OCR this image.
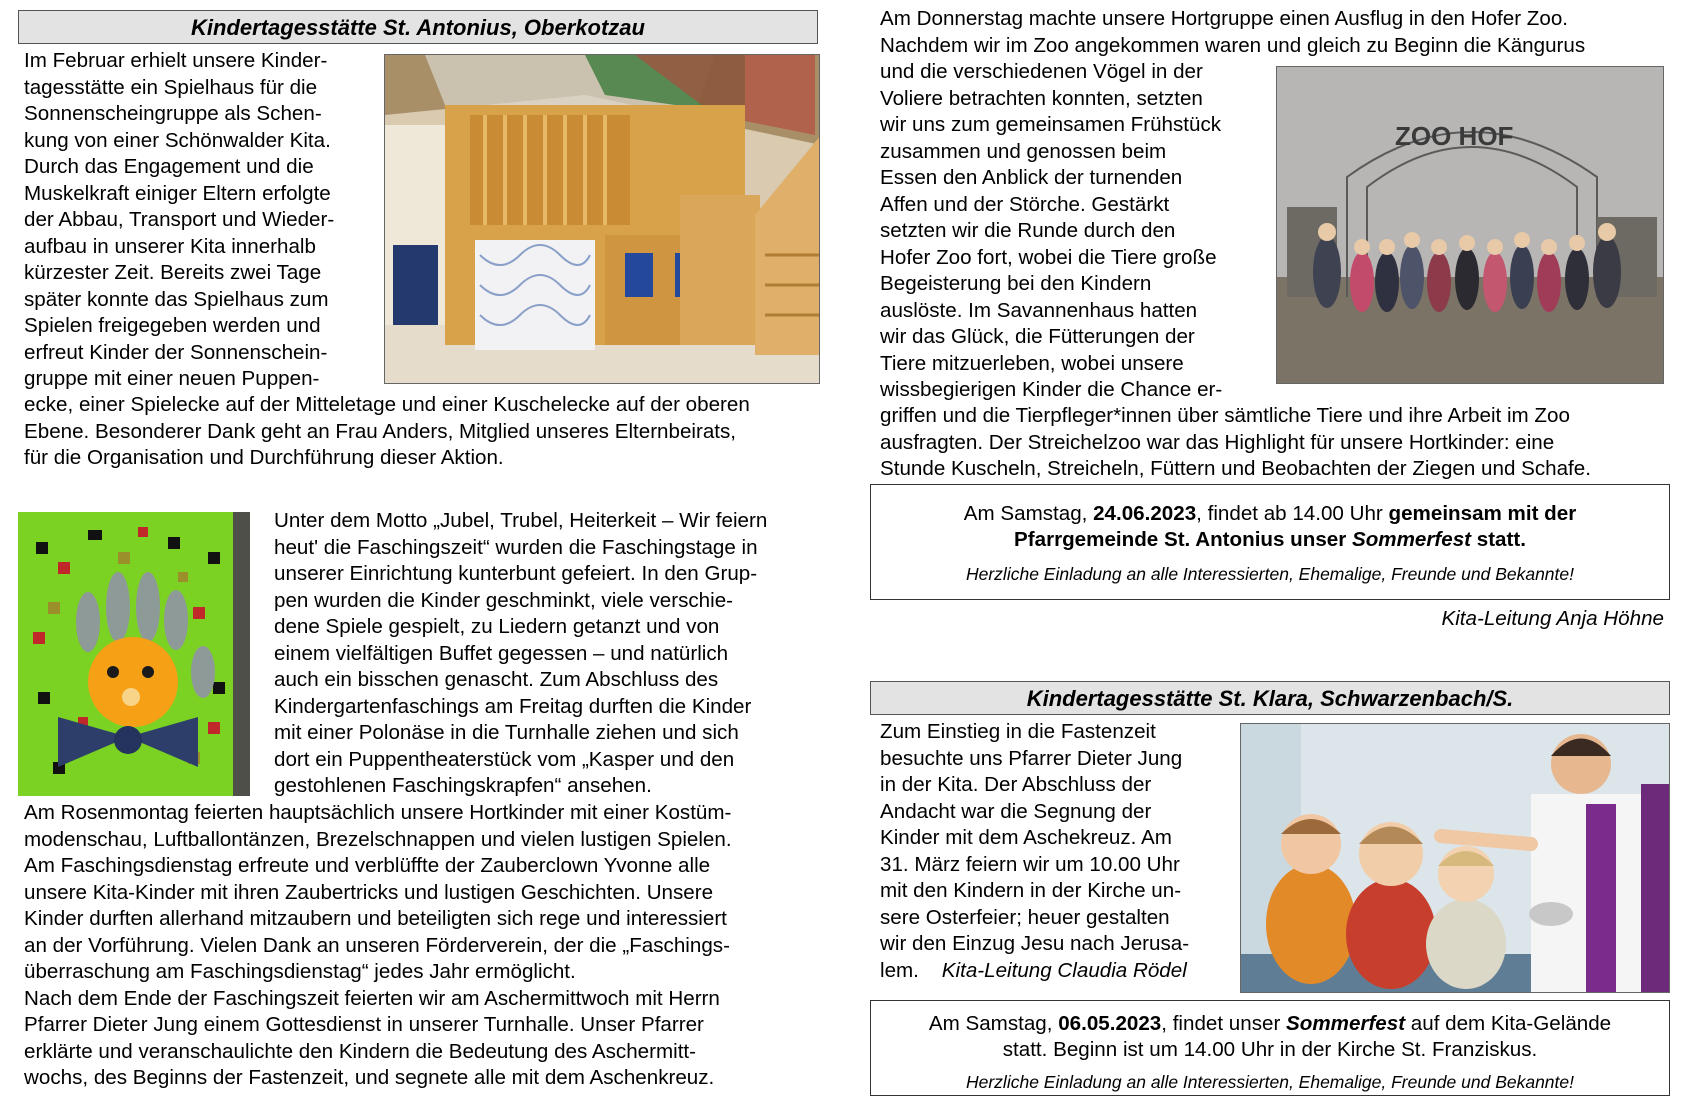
Kindertagesstätte St. Antonius, Oberkotzau

Im Februar erhielt unsere Kinder-

tagesstätte ein Spielhaus für die

Sonnenscheingruppe als Schen-

kung von einer Schönwalder Kita.

Durch das Engagement und die

Muskelkraft einiger Eltern erfolgte

der Abbau, Transport und Wieder-

aufbau in unserer Kita innerhalb

kürzester Zeit. Bereits zwei Tage

später konnte das Spielhaus zum

Spielen freigegeben werden und

erfreut Kinder der Sonnenschein-

gruppe mit einer neuen Puppen-

ecke, einer Spielecke auf der Mitteletage und einer Kuschelecke auf der oberen

Ebene. Besonderer Dank geht an Frau Anders, Mitglied unseres Elternbeirats,

für die Organisation und Durchführung dieser Aktion.

Unter dem Motto „Jubel, Trubel, Heiterkeit – Wir feiern

heut' die Faschingszeit“ wurden die Faschingstage in

unserer Einrichtung kunterbunt gefeiert. In den Grup-

pen wurden die Kinder geschminkt, viele verschie-

dene Spiele gespielt, zu Liedern getanzt und von

einem vielfältigen Buffet gegessen – und natürlich

auch ein bisschen genascht. Zum Abschluss des

Kindergartenfaschings am Freitag durften die Kinder

mit einer Polonäse in die Turnhalle ziehen und sich

dort ein Puppentheaterstück vom „Kasper und den

gestohlenen Faschingskrapfen“ ansehen.

Am Rosenmontag feierten hauptsächlich unsere Hortkinder mit einer Kostüm-

modenschau, Luftballontänzen, Brezelschnappen und vielen lustigen Spielen.

Am Faschingsdienstag erfreute und verblüffte der Zauberclown Yvonne alle

unsere Kita-Kinder mit ihren Zaubertricks und lustigen Geschichten. Unsere

Kinder durften allerhand mitzaubern und beteiligten sich rege und interessiert

an der Vorführung. Vielen Dank an unseren Förderverein, der die „Faschings-

überraschung am Faschingsdienstag“ jedes Jahr ermöglicht.

Nach dem Ende der Faschingszeit feierten wir am Aschermittwoch mit Herrn

Pfarrer Dieter Jung einem Gottesdienst in unserer Turnhalle. Unser Pfarrer

erklärte und veranschaulichte den Kindern die Bedeutung des Aschermitt-

wochs, des Beginns der Fastenzeit, und segnete alle mit dem Aschenkreuz.

Am Donnerstag machte unsere Hortgruppe einen Ausflug in den Hofer Zoo.

Nachdem wir im Zoo angekommen waren und gleich zu Beginn die Kängurus

ZOO HOF

und die verschiedenen Vögel in der

Voliere betrachten konnten, setzten

wir uns zum gemeinsamen Frühstück

zusammen und genossen beim

Essen den Anblick der turnenden

Affen und der Störche. Gestärkt

setzten wir die Runde durch den

Hofer Zoo fort, wobei die Tiere große

Begeisterung bei den Kindern

auslöste. Im Savannenhaus hatten

wir das Glück, die Fütterungen der

Tiere mitzuerleben, wobei unsere

wissbegierigen Kinder die Chance er-

griffen und die Tierpfleger*innen über sämtliche Tiere und ihre Arbeit im Zoo

ausfragten. Der Streichelzoo war das Highlight für unsere Hortkinder: eine

Stunde Kuscheln, Streicheln, Füttern und Beobachten der Ziegen und Schafe.

Am Samstag, 24.06.2023, findet ab 14.00 Uhr gemeinsam mit der
Pfarrgemeinde St. Antonius unser Sommerfest statt.
Herzliche Einladung an alle Interessierten, Ehemalige, Freunde und Bekannte!
Kita-Leitung Anja Höhne
Kindertagesstätte St. Klara, Schwarzenbach/S.

Zum Einstieg in die Fastenzeit

besuchte uns Pfarrer Dieter Jung

in der Kita. Der Abschluss der

Andacht war die Segnung der

Kinder mit dem Aschekreuz. Am

31. März feiern wir um 10.00 Uhr

mit den Kindern in der Kirche un-

sere Osterfeier; heuer gestalten

wir den Einzug Jesu nach Jerusa-

lem. Kita-Leitung Claudia Rödel

Am Samstag, 06.05.2023, findet unser Sommerfest auf dem Kita-Gelände
statt. Beginn ist um 14.00 Uhr in der Kirche St. Franziskus.
Herzliche Einladung an alle Interessierten, Ehemalige, Freunde und Bekannte!
